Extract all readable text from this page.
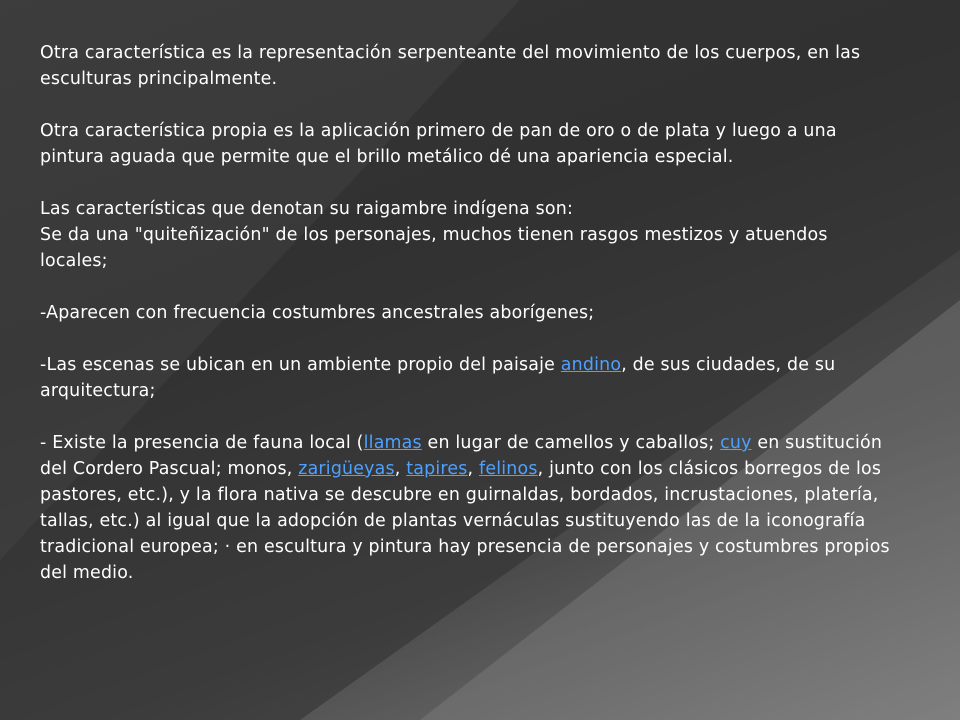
Otra característica es la representación serpenteante del movimiento de los cuerpos, en las esculturas principalmente.

Otra característica propia es la aplicación primero de pan de oro o de plata y luego a una pintura aguada que permite que el brillo metálico dé una apariencia especial.

Las características que denotan su raigambre indígena son:

Se da una "quiteñización" de los personajes, muchos tienen rasgos mestizos y atuendos locales;

-Aparecen con frecuencia costumbres ancestrales aborígenes;

-Las escenas se ubican en un ambiente propio del paisaje andino, de sus ciudades, de su arquitectura;

- Existe la presencia de fauna local (llamas en lugar de camellos y caballos; cuy en sustitución del Cordero Pascual; monos, zarigüeyas, tapires, felinos, junto con los clásicos borregos de los pastores, etc.), y la flora nativa se descubre en guirnaldas, bordados, incrustaciones, platería, tallas, etc.) al igual que la adopción de plantas vernáculas sustituyendo las de la iconografía tradicional europea; · en escultura y pintura hay presencia de personajes y costumbres propios del medio.
